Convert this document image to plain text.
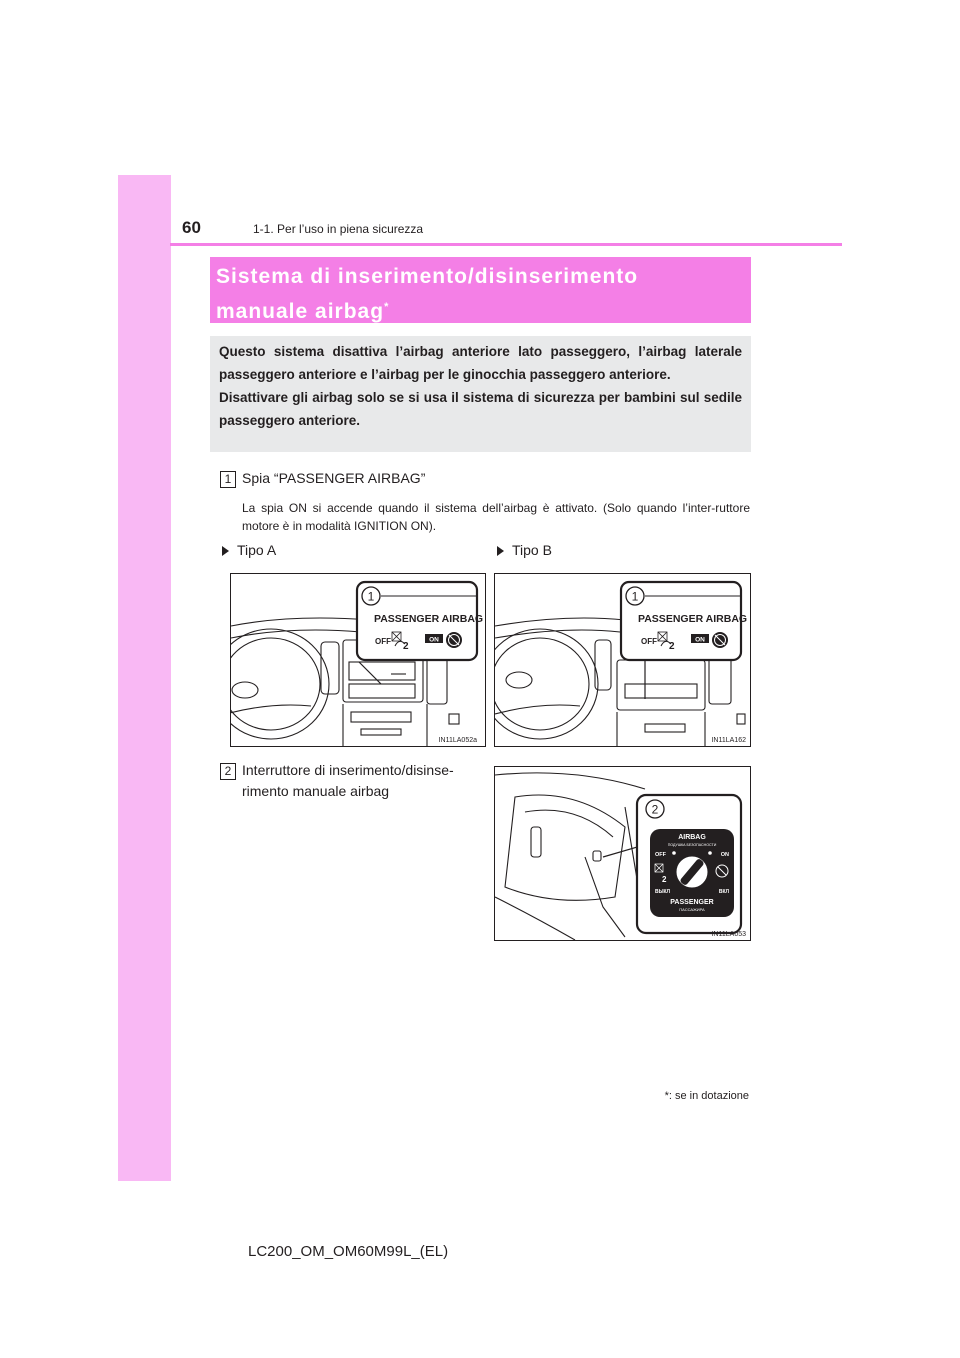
60	1-1. Per l’uso in piena sicurezza
Sistema di inserimento/disinserimento
manuale airbag*

Questo sistema disattiva l’airbag anteriore lato passeggero, l’airbag laterale passeggero anteriore e l’airbag per le ginocchia passeggero anteriore.

Disattivare gli airbag solo se si usa il sistema di sicurezza per bambini sul sedile passeggero anteriore.

1 Spia “PASSENGER AIRBAG”
La spia ON si accende quando il sistema dell’airbag è attivato. (Solo quando l’inter-ruttore motore è in modalità IGNITION ON).
Tipo A	Tipo B
1
PASSENGER AIRBAG
OFF 2
ON
IN11LA052a
1
PASSENGER AIRBAG
OFF 2
ON
IN11LA162
2 Interruttore di inserimento/disinse-
rimento manuale airbag
2
AIRBAG
ПОДУШКА БЕЗОПАСНОСТИ
OFF	ON
2
ВЫКЛ	ВКЛ
PASSENGER
ПАССАЖИРА
IN11LA053
*: se in dotazione
LC200_OM_OM60M99L_(EL)
